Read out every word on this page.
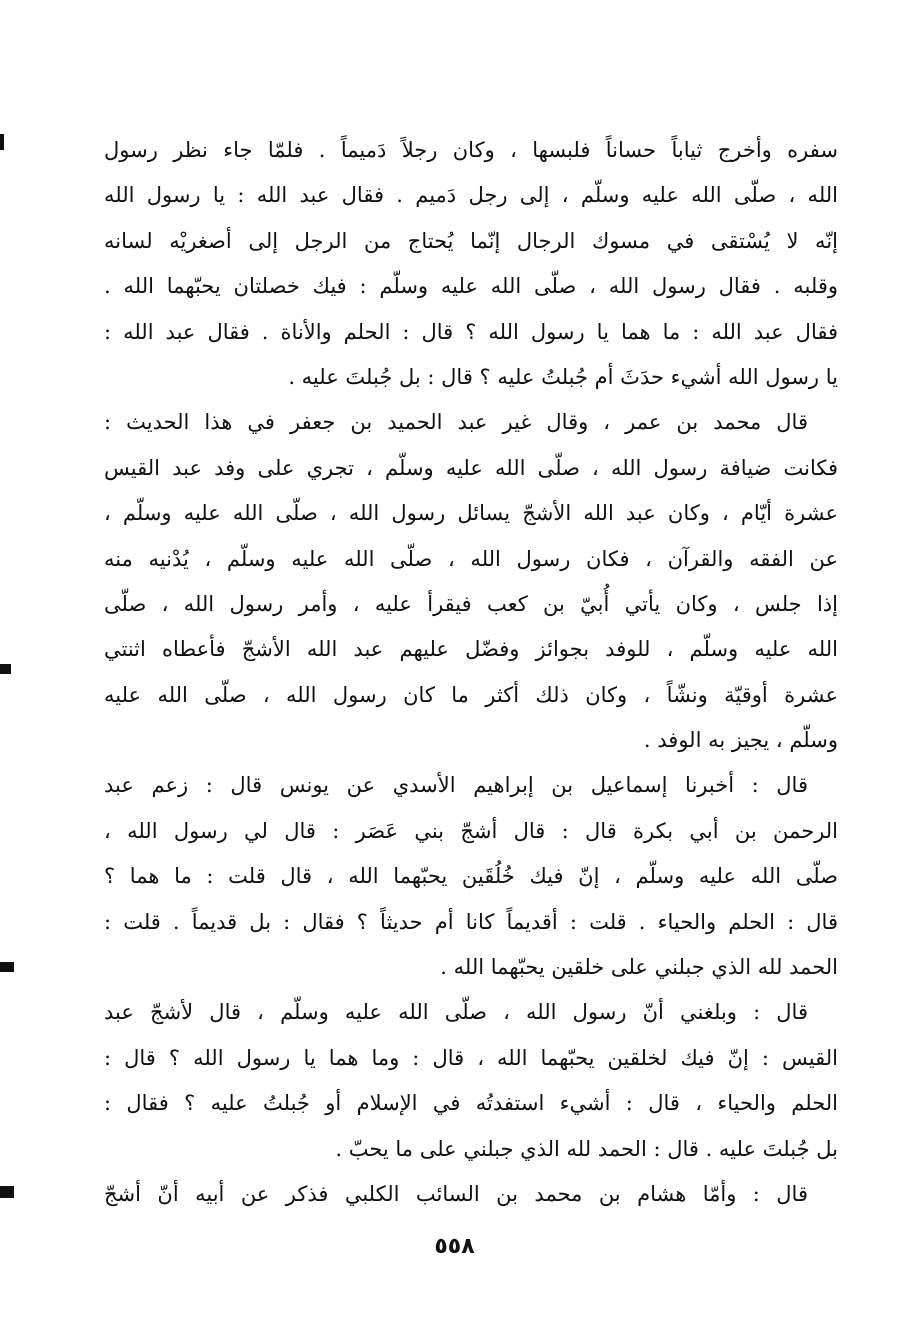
سفره وأخرج ثياباً حساناً فلبسها ، وكان رجلاً دَميماً . فلمّا جاء نظر رسول
الله ، صلّى الله عليه وسلّم ، إلى رجل دَميم . فقال عبد الله : يا رسول الله
إنّه لا يُسْتقى في مسوك الرجال إنّما يُحتاج من الرجل إلى أصغريْه لسانه
وقلبه . فقال رسول الله ، صلّى الله عليه وسلّم : فيك خصلتان يحبّهما الله .
فقال عبد الله : ما هما يا رسول الله ؟ قال : الحلم والأناة . فقال عبد الله :
يا رسول الله أشيء حدَثَ أم جُبلتُ عليه ؟ قال : بل جُبلتَ عليه .
قال محمد بن عمر ، وقال غير عبد الحميد بن جعفر في هذا الحديث :
فكانت ضيافة رسول الله ، صلّى الله عليه وسلّم ، تجري على وفد عبد القيس
عشرة أيّام ، وكان عبد الله الأشجّ يسائل رسول الله ، صلّى الله عليه وسلّم ،
عن الفقه والقرآن ، فكان رسول الله ، صلّى الله عليه وسلّم ، يُدْنيه منه
إذا جلس ، وكان يأتي أُبيّ بن كعب فيقرأ عليه ، وأمر رسول الله ، صلّى
الله عليه وسلّم ، للوفد بجوائز وفضّل عليهم عبد الله الأشجّ فأعطاه اثنتي
عشرة أوقيّة ونشّاً ، وكان ذلك أكثر ما كان رسول الله ، صلّى الله عليه
وسلّم ، يجيز به الوفد .
قال : أخبرنا إسماعيل بن إبراهيم الأسدي عن يونس قال : زعم عبد
الرحمن بن أبي بكرة قال : قال أشجّ بني عَصَر : قال لي رسول الله ،
صلّى الله عليه وسلّم ، إنّ فيك خُلُقَين يحبّهما الله ، قال قلت : ما هما ؟
قال : الحلم والحياء . قلت : أقديماً كانا أم حديثاً ؟ فقال : بل قديماً . قلت :
الحمد لله الذي جبلني على خلقين يحبّهما الله .
قال : وبلغني أنّ رسول الله ، صلّى الله عليه وسلّم ، قال لأشجّ عبد
القيس : إنّ فيك لخلقين يحبّهما الله ، قال : وما هما يا رسول الله ؟ قال :
الحلم والحياء ، قال : أشيء استفدتُه في الإسلام أو جُبلتُ عليه ؟ فقال :
بل جُبلتَ عليه . قال : الحمد لله الذي جبلني على ما يحبّ .
قال : وأمّا هشام بن محمد بن السائب الكلبي فذكر عن أبيه أنّ أشجّ
٥٥٨
